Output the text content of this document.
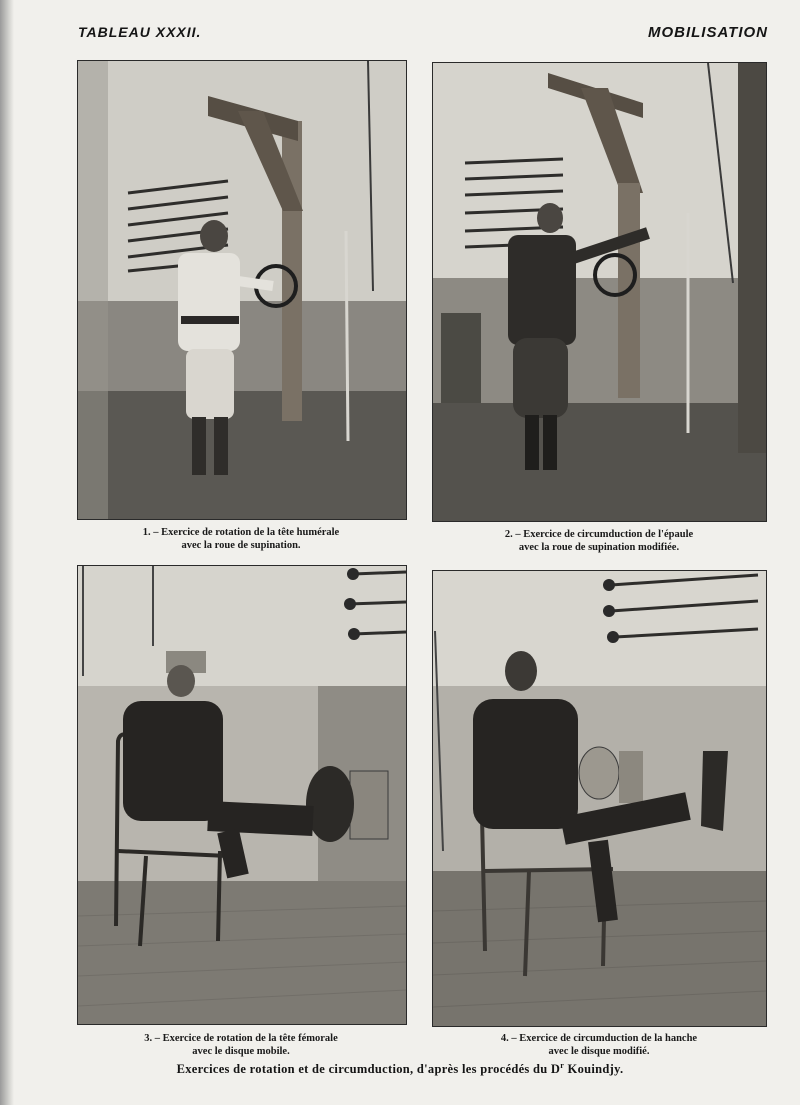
TABLEAU XXXII.	MOBILISATION
1. – Exercice de rotation de la tête humérale
avec la roue de supination.
2. – Exercice de circumduction de l'épaule
avec la roue de supination modifiée.
3. – Exercice de rotation de la tête fémorale
avec le disque mobile.
4. – Exercice de circumduction de la hanche
avec le disque modifié.
Exercices de rotation et de circumduction, d'après les procédés du $D^r$ Kouindjy.
